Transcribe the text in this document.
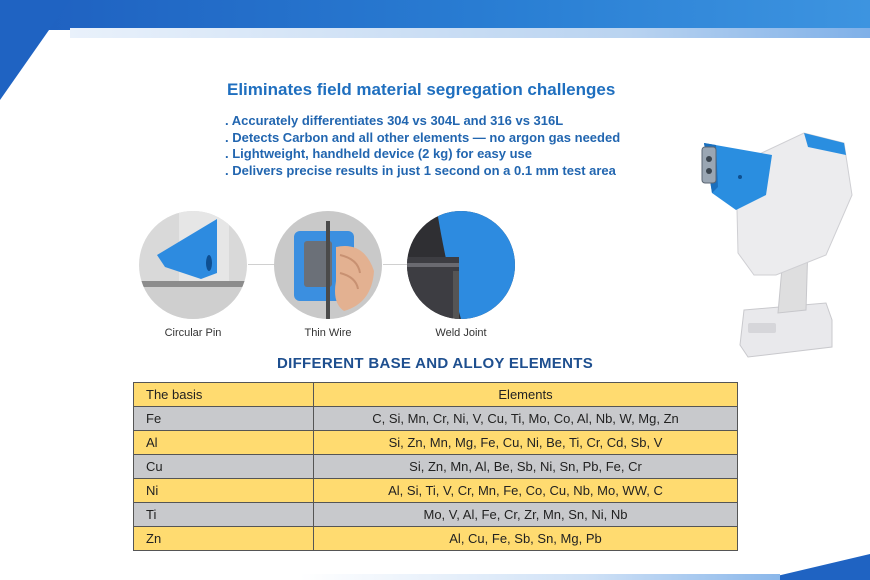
Eliminates field material segregation challenges
. Accurately differentiates 304 vs 304L and 316 vs 316L
. Detects Carbon and all other elements — no argon gas needed
. Lightweight, handheld device (2 kg) for easy use
. Delivers precise results in just 1 second on a 0.1 mm test area
Circular Pin	Thin Wire	Weld Joint
DIFFERENT BASE AND ALLOY ELEMENTS
The basis	Elements
Fe	C, Si, Mn, Cr, Ni, V, Cu, Ti, Mo, Co, Al, Nb, W, Mg, Zn
Al	Si, Zn, Mn, Mg, Fe, Cu, Ni, Be, Ti, Cr, Cd, Sb, V
Cu	Si, Zn, Mn, Al, Be, Sb, Ni, Sn, Pb, Fe, Cr
Ni	Al, Si, Ti, V, Cr, Mn, Fe, Co, Cu, Nb, Mo, WW, C
Ti	Mo, V, Al, Fe, Cr, Zr, Mn, Sn, Ni, Nb
Zn	Al, Cu, Fe, Sb, Sn, Mg, Pb
